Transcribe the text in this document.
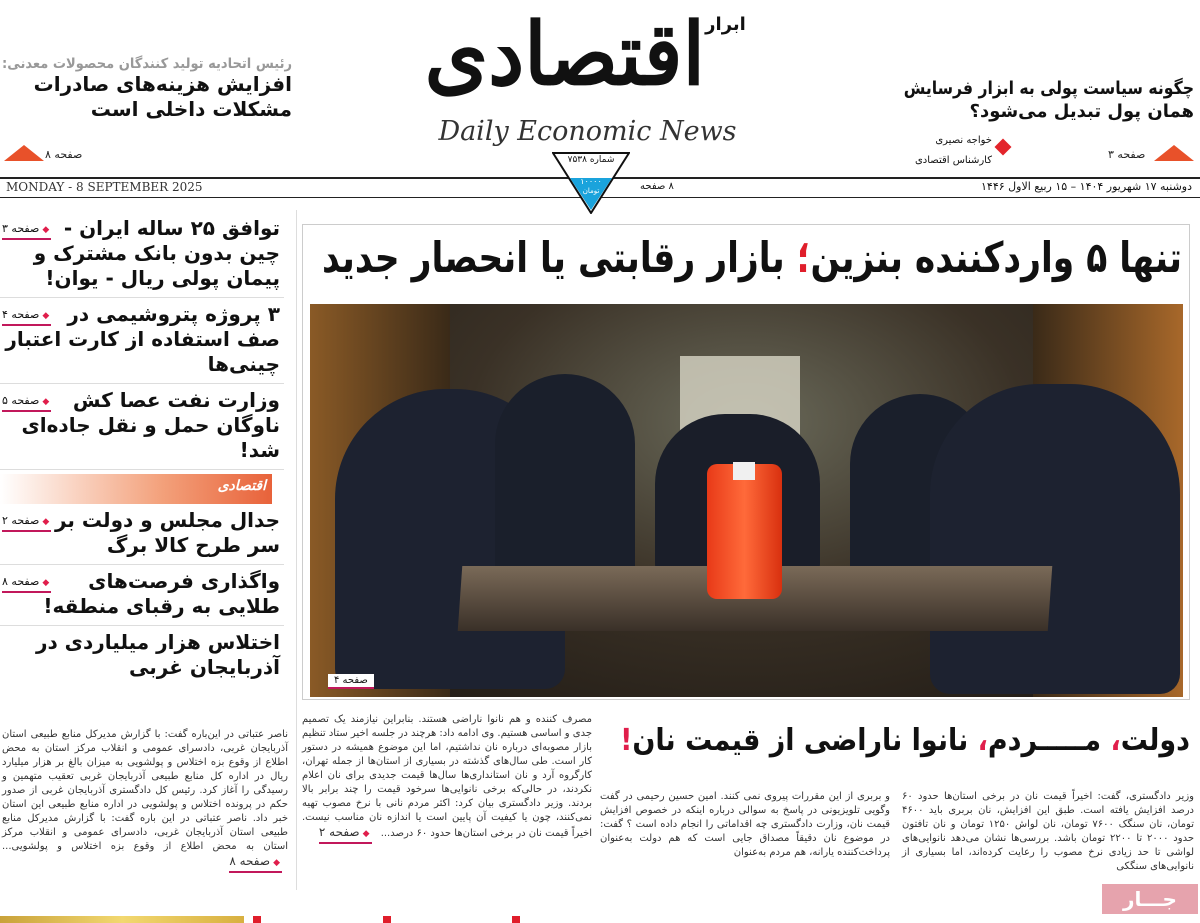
رئیس اتحادیه تولید کنندگان محصولات معدنی:
افزایش هزینه‌های صادرات
مشکلات داخلی است
صفحه ۸
ابرار
اقتصادی
Daily Economic News
چگونه سیاست پولی به ابزار فرسایش
همان پول تبدیل می‌شود؟
خواجه نصیری
کارشناس اقتصادی	صفحه ۳
MONDAY - 8 SEPTEMBER 2025	دوشنبه ۱۷ شهریور ۱۴۰۴ – ۱۵ ربیع الاول ۱۴۴۶
۸ صفحه
شماره ۷۵۳۸
۱۰۰۰۰
تومان
◆ صفحه ۳	توافق ۲۵ ساله ایران - چین بدون بانک مشترک و پیمان پولی ریال - یوان!
◆ صفحه ۴	۳ پروژه پتروشیمی در صف استفاده از کارت اعتبار چینی‌ها
◆ صفحه ۵	وزارت نفت عصا کش ناوگان حمل و نقل جاده‌ای شد!
اقتصادی
◆ صفحه ۲ جدال مجلس و دولت بر سر طرح کالا برگ
◆ صفحه ۸	واگذاری فرصت‌های طلایی به رقبای منطقه!
اختلاس هزار میلیاردی در آذربایجان غربی
ناصر عتباتی در این‌باره گفت: با گزارش مدیرکل منابع طبیعی استان آذربایجان غربی، دادسرای عمومی و انقلاب مرکز استان به محض اطلاع از وقوع بزه اختلاس و پولشویی به میزان بالغ بر هزار میلیارد ریال در اداره کل منابع طبیعی آذربایجان غربی تعقیب متهمین و رسیدگی را آغاز کرد. رئیس کل دادگستری آذربایجان غربی از صدور حکم در پرونده اختلاس و پولشویی در اداره منابع طبیعی این استان خبر داد. ناصر عتباتی در این باره گفت: با گزارش مدیرکل منابع طبیعی استان آذربایجان غربی، دادسرای عمومی و انقلاب مرکز استان به محض اطلاع از وقوع بزه اختلاس و پولشویی... ◆ صفحه ۸
تنها ۵ واردکننده بنزین؛ بازار رقابتی یا انحصار جدید
صفحه ۴
دولت، مـــــردم، نانوا ناراضی از قیمت نان!
وزیر دادگستری، گفت: اخیراً قیمت نان در برخی استان‌ها حدود ۶۰ درصد افزایش یافته است. طبق این افزایش، نان بربری باید ۴۶۰۰ تومان، نان سنگک ۷۶۰۰ تومان، نان لواش ۱۲۵۰ تومان و نان تافتون حدود ۲۰۰۰ تا ۲۲۰۰ تومان باشد. بررسی‌ها نشان می‌دهد نانوایی‌های لواشی تا حد زیادی نرخ مصوب را رعایت کرده‌اند، اما بسیاری از نانوایی‌های سنگکی
و بربری از این مقررات پیروی نمی کنند. امین حسین رحیمی در گفت وگویی تلویزیونی در پاسخ به سوالی درباره اینکه در خصوص افزایش قیمت نان، وزارت دادگستری چه اقداماتی را انجام داده است ؟ گفت: در موضوع نان دقیقاً مصداق جایی است که هم دولت به‌عنوان پرداخت‌کننده یارانه، هم مردم به‌عنوان
مصرف کننده و هم نانوا ناراضی هستند. بنابراین نیازمند یک تصمیم جدی و اساسی هستیم. وی ادامه داد: هرچند در جلسه اخیر ستاد تنظیم بازار مصوبه‌ای درباره نان نداشتیم، اما این موضوع همیشه در دستور کار است. طی سال‌های گذشته در بسیاری از استان‌ها از جمله تهران، کارگروه آرد و نان استانداری‌ها سال‌ها قیمت جدیدی برای نان اعلام نکردند، در حالی‌که برخی نانوایی‌ها سرخود قیمت را چند برابر بالا بردند. وزیر دادگستری بیان کرد: اکثر مردم نانی با نرخ مصوب تهیه نمی‌کنند، چون یا کیفیت آن پایین است یا اندازه نان مناسب نیست. اخیراً قیمت نان در برخی استان‌ها حدود ۶۰ درصد... ◆ صفحه ۲
جـــار
